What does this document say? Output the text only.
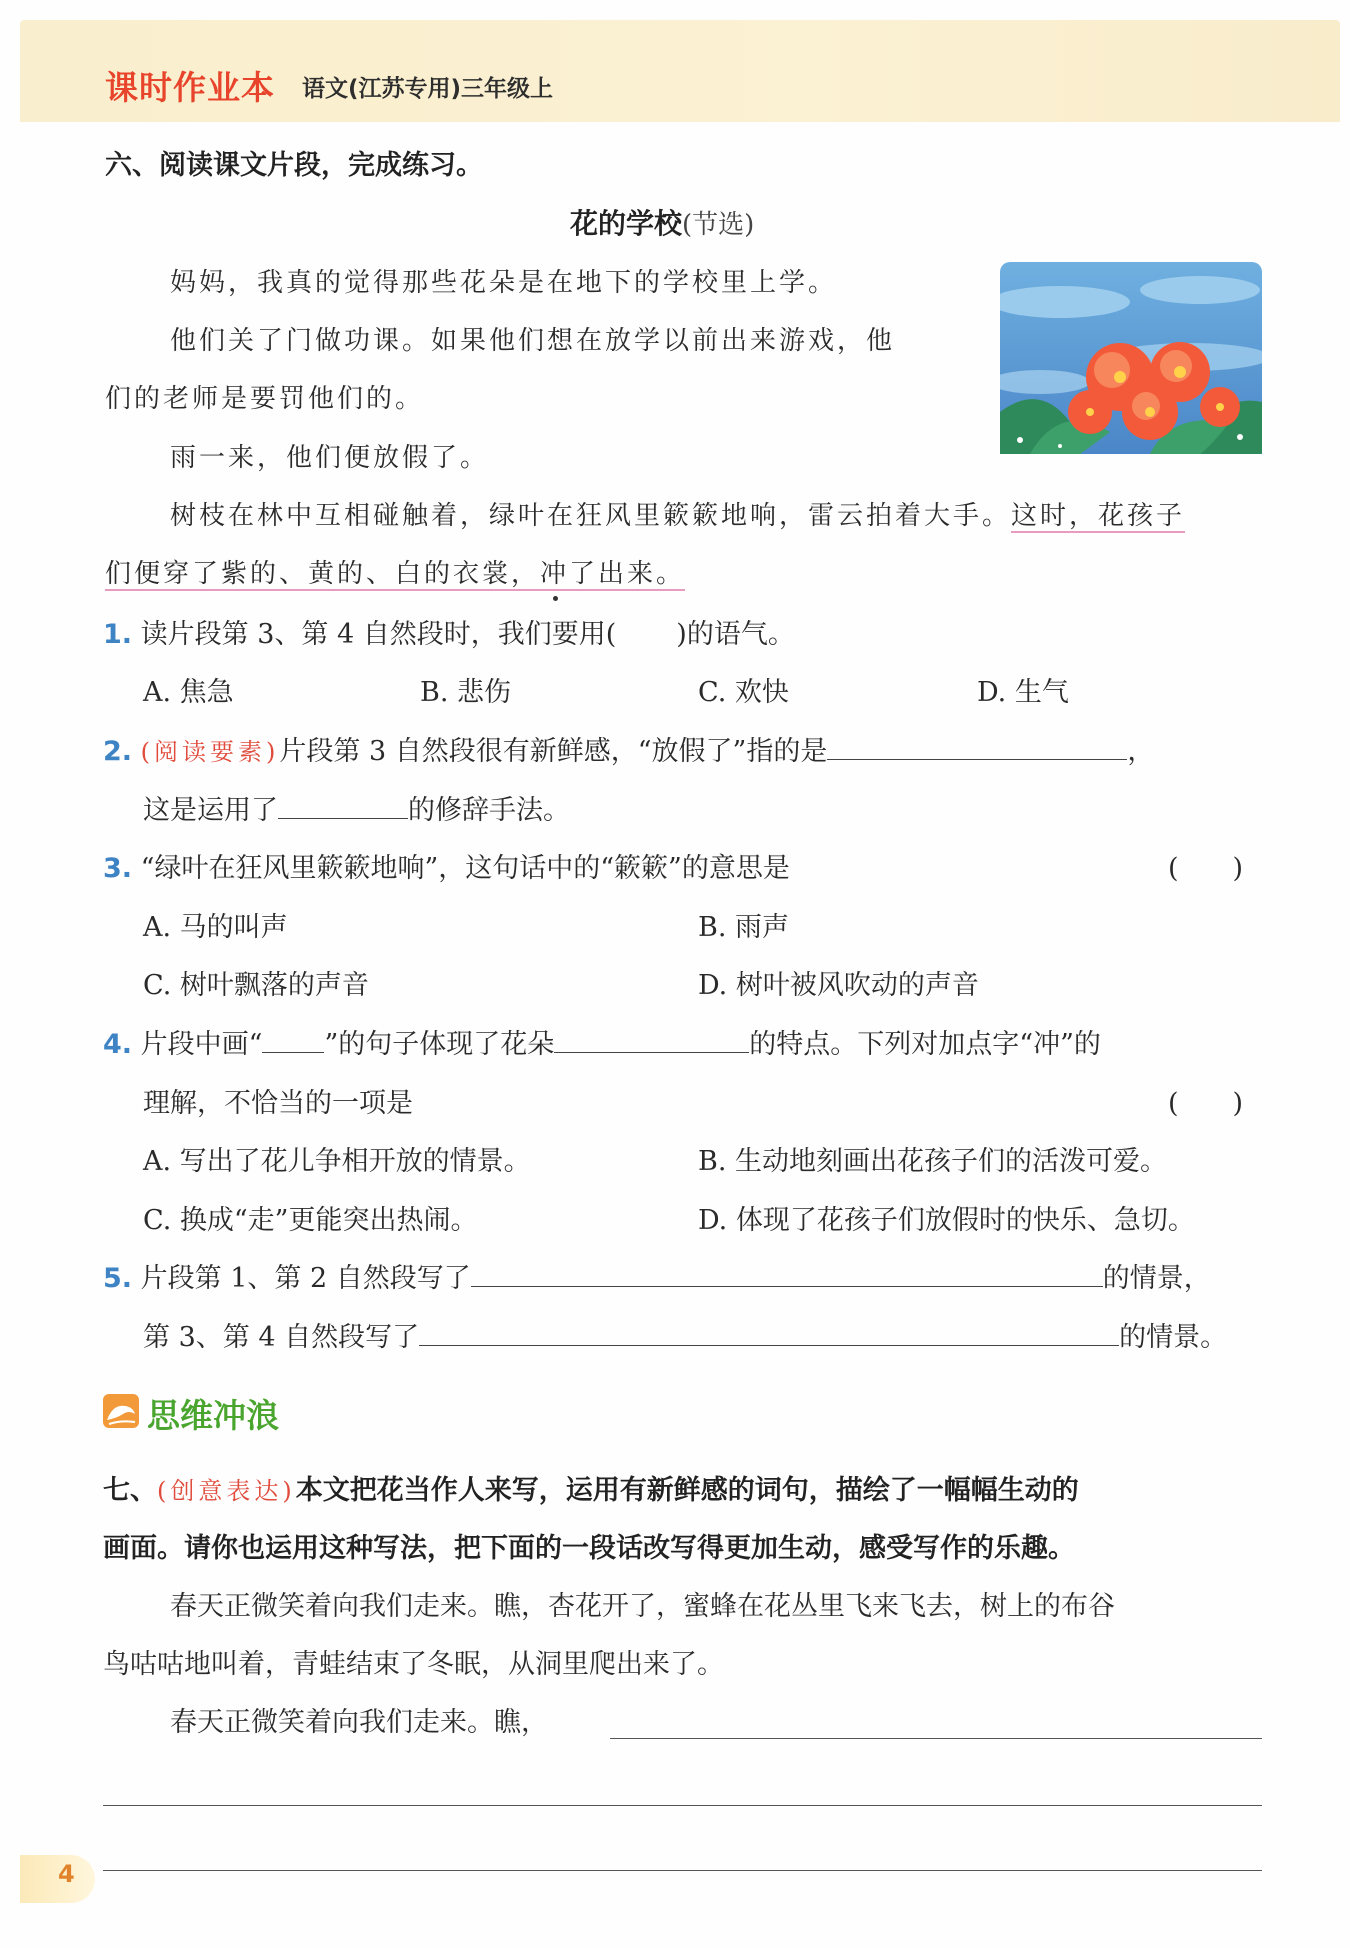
课时作业本 语文(江苏专用)三年级上
六、阅读课文片段，完成练习。
花的学校(节选)
妈妈，我真的觉得那些花朵是在地下的学校里上学。
他们关了门做功课。如果他们想在放学以前出来游戏，他
们的老师是要罚他们的。
雨一来，他们便放假了。
树枝在林中互相碰触着，绿叶在狂风里簌簌地响，雷云拍着大手。这时，花孩子
们便穿了紫的、黄的、白的衣裳，冲了出来。
1. 读片段第 3、第 4 自然段时，我们要用( )的语气。
A. 焦急	B. 悲伤	C. 欢快	D. 生气
2. (阅读要素)片段第 3 自然段很有新鲜感，“放假了”指的是	，
这是运用了	的修辞手法。
3. “绿叶在狂风里簌簌地响”，这句话中的“簌簌”的意思是	(　　)
A. 马的叫声	B. 雨声
C. 树叶飘落的声音	D. 树叶被风吹动的声音
4. 片段中画“ ”的句子体现了花朵	的特点。下列对加点字“冲”的
理解，不恰当的一项是	(　　)
A. 写出了花儿争相开放的情景。	B. 生动地刻画出花孩子们的活泼可爱。
C. 换成“走”更能突出热闹。	D. 体现了花孩子们放假时的快乐、急切。
5. 片段第 1、第 2 自然段写了	的情景，
第 3、第 4 自然段写了	的情景。
思维冲浪
七、(创意表达)本文把花当作人来写，运用有新鲜感的词句，描绘了一幅幅生动的
画面。请你也运用这种写法，把下面的一段话改写得更加生动，感受写作的乐趣。
春天正微笑着向我们走来。瞧，杏花开了，蜜蜂在花丛里飞来飞去，树上的布谷
鸟咕咕地叫着，青蛙结束了冬眠，从洞里爬出来了。
春天正微笑着向我们走来。瞧，
4
